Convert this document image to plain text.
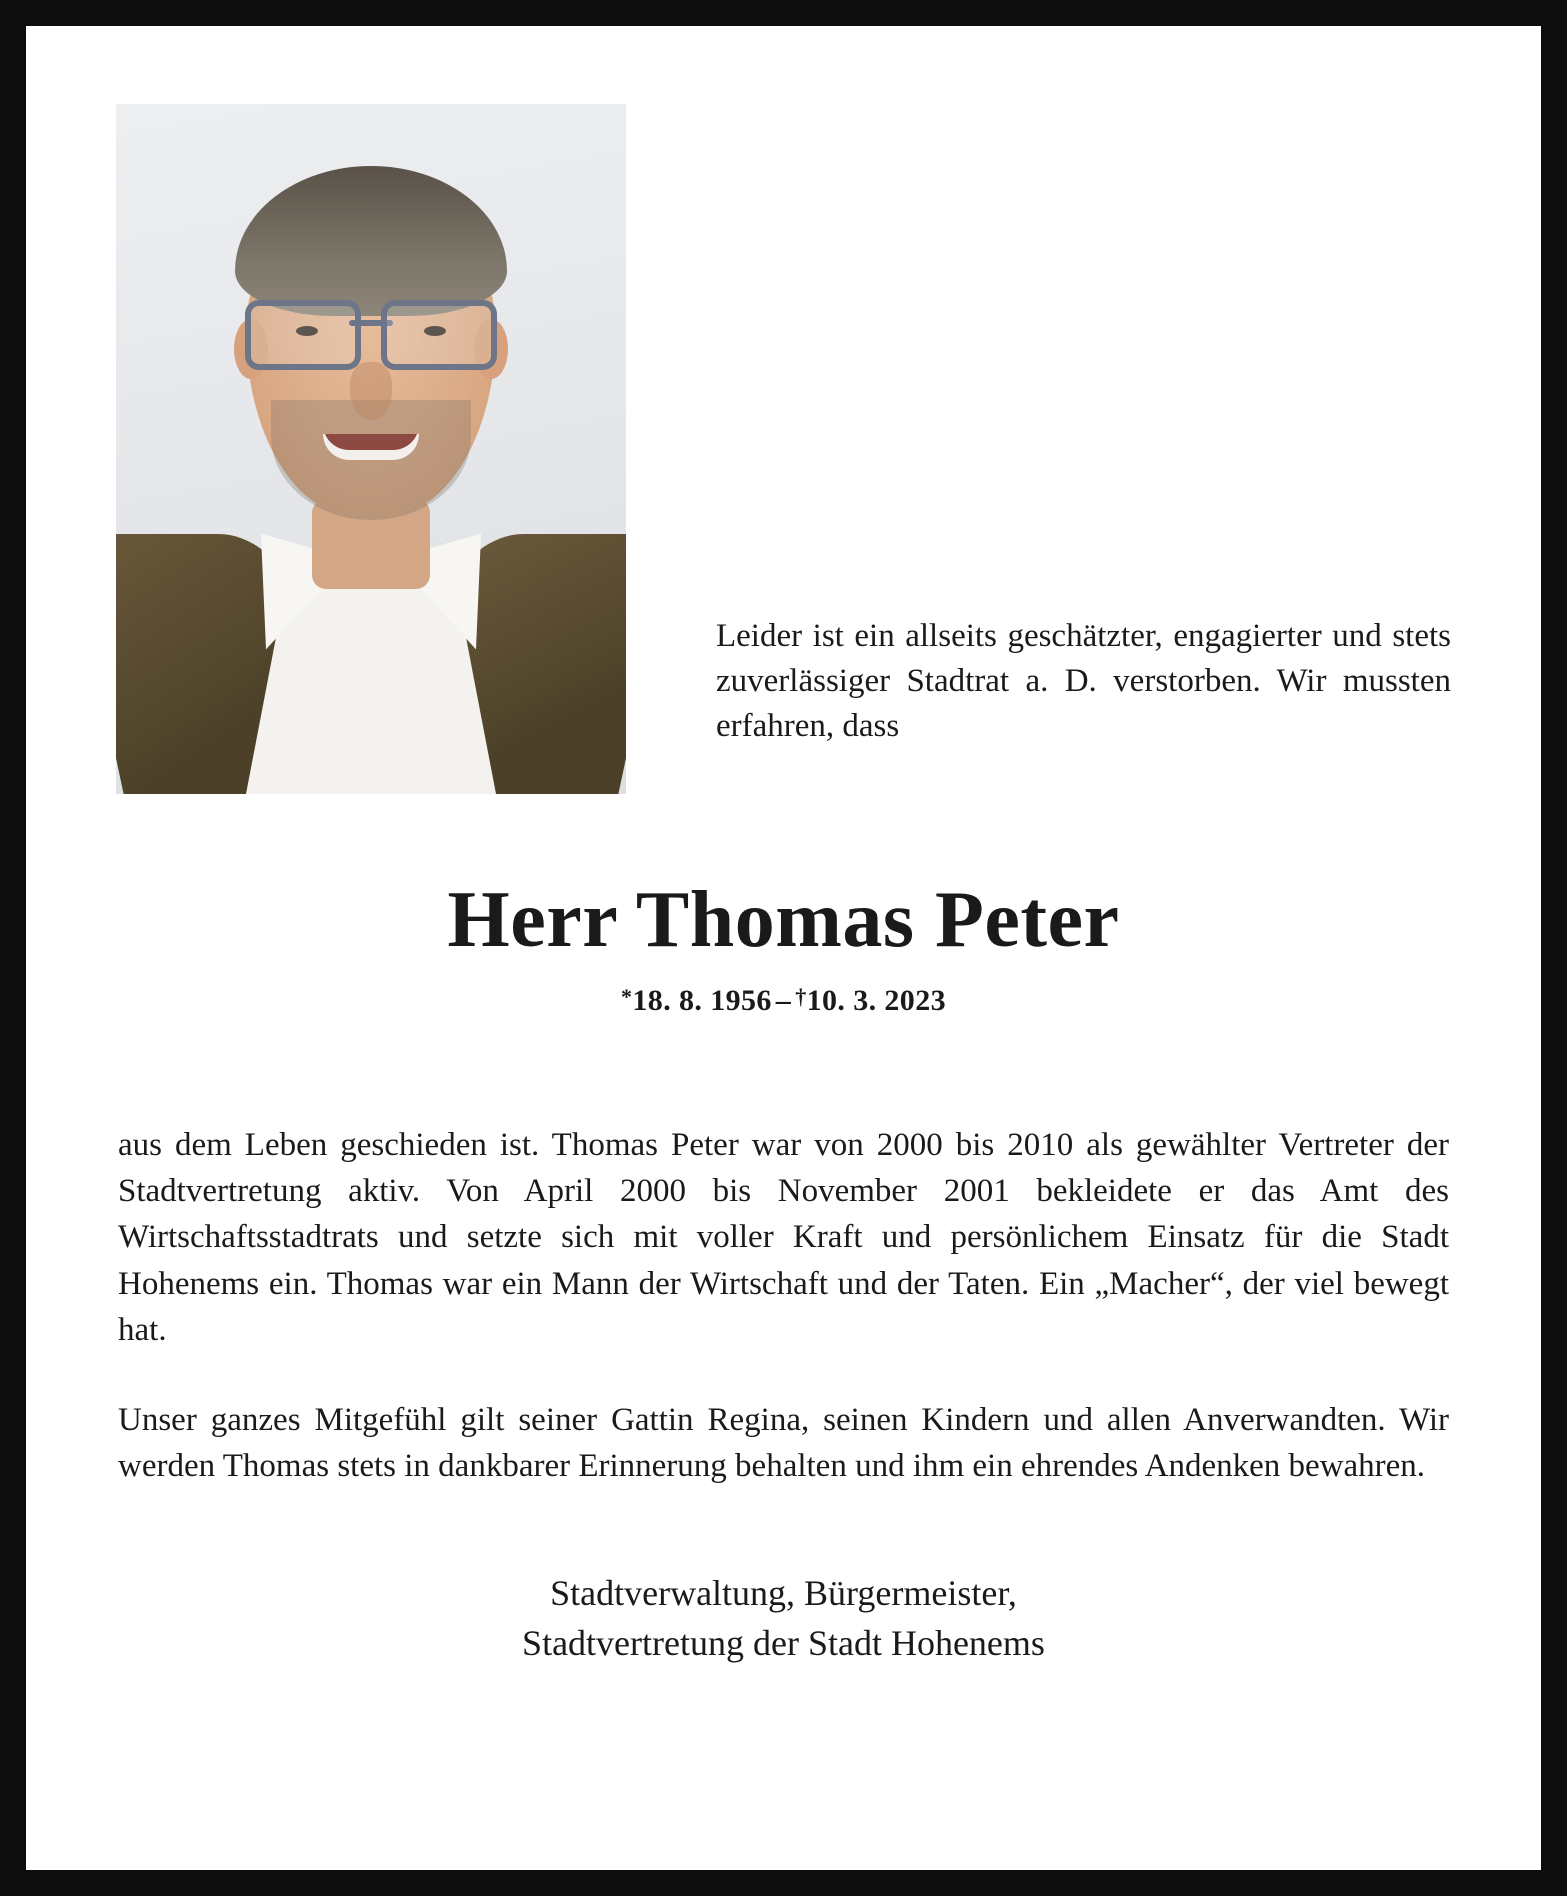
Leider ist ein allseits geschätzter, engagierter und stets zuverlässiger Stadtrat a. D. verstorben. Wir mussten erfahren, dass

Herr Thomas Peter
*18. 8. 1956 – †10. 3. 2023

aus dem Leben geschieden ist. Thomas Peter war von 2000 bis 2010 als gewählter Vertreter der Stadtvertretung aktiv. Von April 2000 bis November 2001 bekleidete er das Amt des Wirtschaftsstadtrats und setzte sich mit voller Kraft und persönlichem Einsatz für die Stadt Hohenems ein. Thomas war ein Mann der Wirtschaft und der Taten. Ein „Macher“, der viel bewegt hat.

Unser ganzes Mitgefühl gilt seiner Gattin Regina, seinen Kindern und allen Anverwandten. Wir werden Thomas stets in dankbarer Erinnerung behalten und ihm ein ehrendes Andenken bewahren.

Stadtverwaltung, Bürgermeister,
Stadtvertretung der Stadt Hohenems
